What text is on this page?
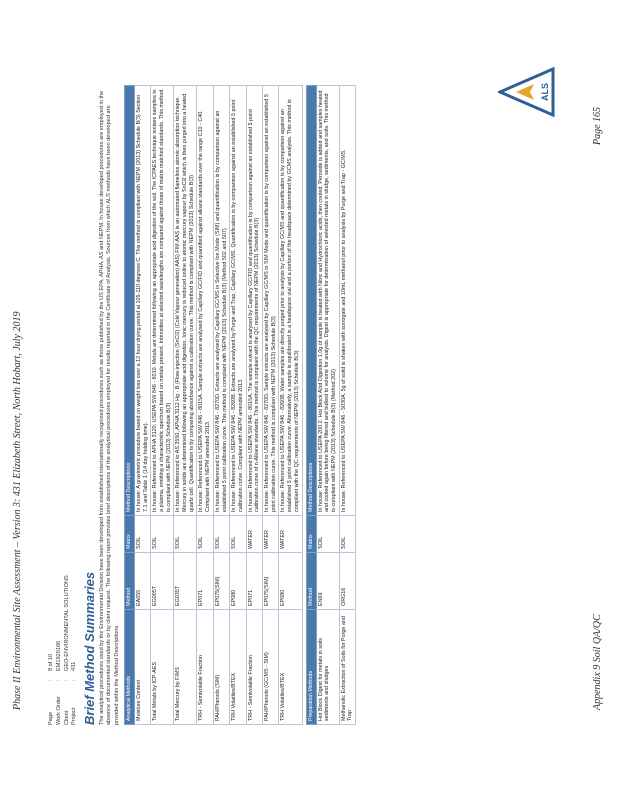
Phase II Environmental Site Assessment – Version 3: 431 Elizabeth Street, North Hobart, July 2019
Page
:
8 of 10
Work Order
:
EM1920166
Client
:
GEO-ENVIRONMENTAL SOLUTIONS
Project
:
431 Brief Method Summaries The analytical procedures used by the Environmental Division have been developed from established internationally recognized procedures such as those published by the US EPA, APHA, AS and NEPM. In house developed procedures are employed in the absence of documented standards or by client request. The following report provides brief descriptions of the analytical procedures employed for results reported in the Certificate of Analysis. Sources from which ALS methods have been developed are provided within the Method Descriptions. Analytical Methods	Method	Matrix	Method Descriptions
Moisture Content	EA055	SOIL	In house: A gravimetric procedure based on weight loss over a 12 hour drying period at 105-110 degrees C. This method is compliant with NEPM (2013) Schedule B(3) Section 7.1 and Table 1 (14 day holding time).
Total Metals by ICP-AES	EG005T	SOIL	In house: Referenced to APHA 3120; USEPA SW 846 - 6010. Metals are determined following an appropriate acid digestion of the soil. The ICPAES technique ionises samples in a plasma, emitting a characteristic spectrum based on metals present. Intensities at selected wavelengths are compared against those of matrix matched standards. This method is compliant with NEPM (2013) Schedule B(3)
Total Mercury by FIMS	EG035T	SOIL	In house: Referenced to AS 3550, APHA 3112 Hg - B (Flow-injection (SnCl2) (Cold Vapour generation) AAS) FIM-AAS is an automated flameless atomic absorption technique. Mercury in solids are determined following an appropriate acid digestion. Ionic mercury is reduced online to atomic mercury vapour by SnCl2 which is then purged into a heated quartz cell. Quantification is by comparing absorbance against a calibration curve. This method is compliant with NEPM (2013) Schedule B(3)
TRH - Semivolatile Fraction	EP071	SOIL	In house: Referenced to USEPA SW 846 - 8015A. Sample extracts are analysed by Capillary GC/FID and quantified against alkane standards over the range C10 - C40. Compliant with NEPM amended 2013.
PAH/Phenols (SIM)	EP075(SIM)	SOIL	In house: Referenced to USEPA SW 846 - 8270D. Extracts are analysed by Capillary GC/MS in Selective Ion Mode (SIM) and quantification is by comparison against an established 5 point calibration curve. This method is compliant with NEPM (2013) Schedule B(3) (Method 502 and 507)
TRH Volatiles/BTEX	EP080	SOIL	In house: Referenced to USEPA SW 846 - 8260B. Extracts are analysed by Purge and Trap, Capillary GC/MS. Quantification is by comparison against an established 5 point calibration curve. Compliant with NEPM amended 2013.
TRH - Semivolatile Fraction	EP071	WATER	In house: Referenced to USEPA SW 846 - 8015A. The sample extract is analysed by Capillary GC/FID and quantification is by comparison against an established 5 point calibration curve of n-Alkane standards. This method is compliant with the QC requirements of NEPM (2013) Schedule B(3)
PAH/Phenols (GC/MS - SIM)	EP075(SIM)	WATER	In house: Referenced to USEPA SW 846 - 8270D. Sample extracts are analysed by Capillary GC/MS in SIM Mode and quantification is by comparison against an established 5 point calibration curve. This method is compliant with NEPM (2013) Schedule B(3)
TRH Volatiles/BTEX	EP080	WATER	In house: Referenced to USEPA SW 846 - 8260B. Water samples are directly purged prior to analysis by Capillary GC/MS and quantification is by comparison against an established 5 point calibration curve. Alternatively, a sample is equilibrated in a headspace vial and a portion of the headspace determined by GCMS analysis. This method is compliant with the QC requirements of NEPM (2013) Schedule B(3)
Preparation Methods	Method	Matrix	Method Descriptions
Hot Block Digest for metals in soils sediments and sludges	EN69	SOIL	In house: Referenced to USEPA 200.2. Hot Block Acid Digestion 1.0g of sample is heated with Nitric and Hydrochloric acids, then cooled. Peroxide is added and samples heated and cooled again before being filtered and bulked to volume for analysis. Digest is appropriate for determination of selected metals in sludge, sediments, and soils. This method is compliant with NEPM (2013) Schedule B(3) (Method 202)
Methanolic Extraction of Soils for Purge and Trap	ORG16	SOIL	In house: Referenced to USEPA SW 846 - 5030A. 5g of solid is shaken with surrogate and 10mL methanol prior to analysis by Purge and Trap - GC/MS.
ALS
Appendix 9 Soil QA/QC
Page 165
